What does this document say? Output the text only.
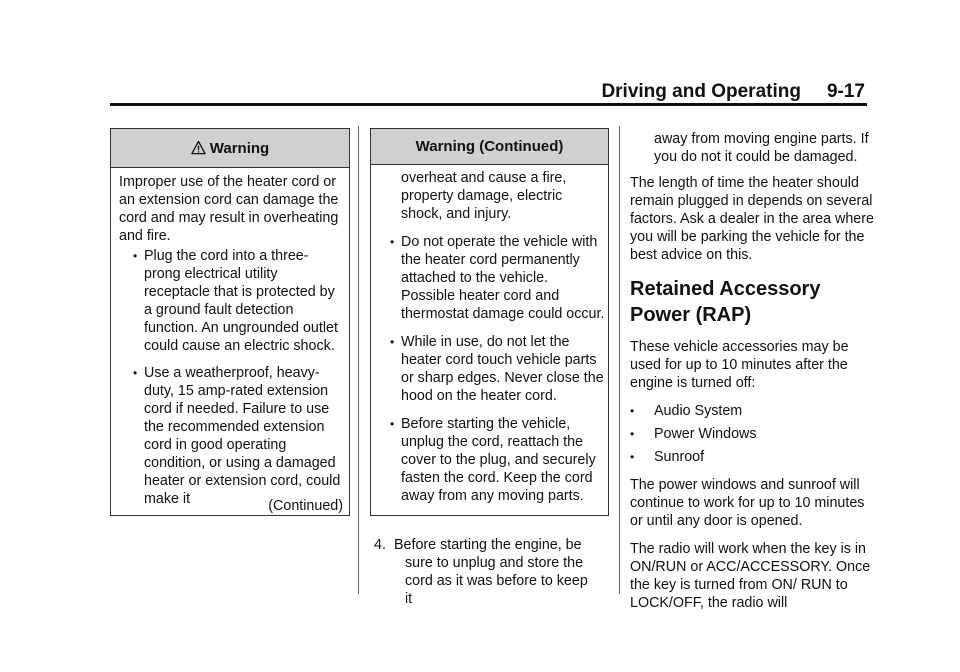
Driving and Operating 9-17
Warning

Improper use of the heater cord or an extension cord can damage the cord and may result in overheating and fire.

• Plug the cord into a three-prong electrical utility receptacle that is protected by a ground fault detection function. An ungrounded outlet could cause an electric shock.
• Use a weatherproof, heavy-duty, 15 amp-rated extension cord if needed. Failure to use the recommended extension cord in good operating condition, or using a damaged heater or extension cord, could make it	(Continued)
Warning (Continued)
overheat and cause a fire, property damage, electric shock, and injury.
• Do not operate the vehicle with the heater cord permanently attached to the vehicle. Possible heater cord and thermostat damage could occur.
• While in use, do not let the heater cord touch vehicle parts or sharp edges. Never close the hood on the heater cord.
• Before starting the vehicle, unplug the cord, reattach the cover to the plug, and securely fasten the cord. Keep the cord away from any moving parts.
4. Before starting the engine, be
sure to unplug and store the cord as it was before to keep it
away from moving engine parts. If you do not it could be damaged.

The length of time the heater should remain plugged in depends on several factors. Ask a dealer in the area where you will be parking the vehicle for the best advice on this.

Retained Accessory Power (RAP)

These vehicle accessories may be used for up to 10 minutes after the engine is turned off:

• Audio System
• Power Windows
• Sunroof

The power windows and sunroof will continue to work for up to 10 minutes or until any door is opened.

The radio will work when the key is in ON/RUN or ACC/ACCESSORY. Once the key is turned from ON/ RUN to LOCK/OFF, the radio will
